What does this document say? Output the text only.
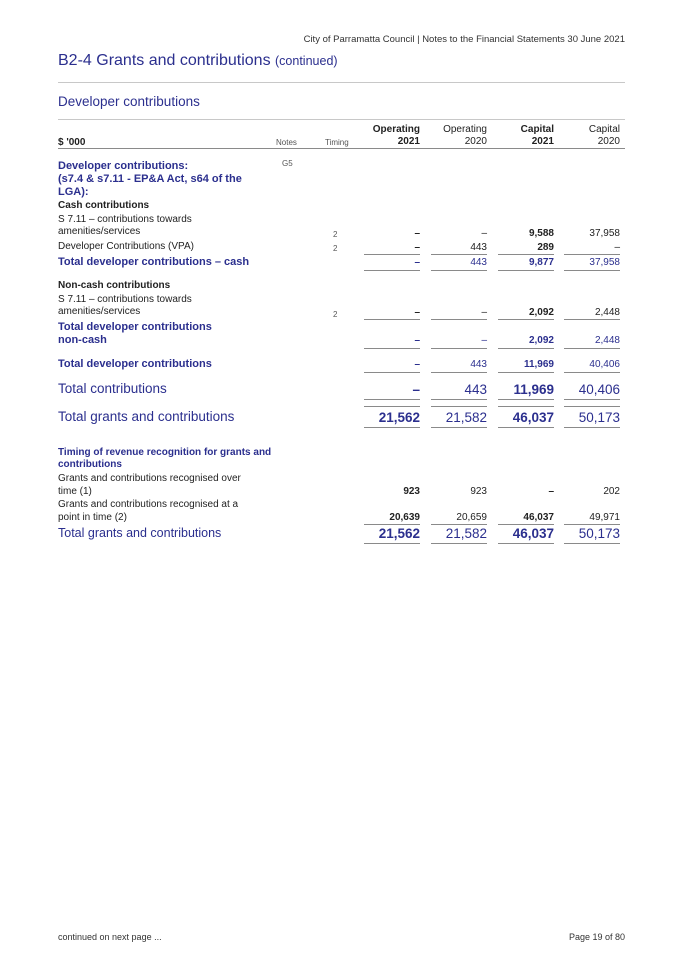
City of Parramatta Council | Notes to the Financial Statements 30 June 2021
B2-4 Grants and contributions (continued)
Developer contributions
$ '000	Notes	Timing
Operating
2021
Operating
2020
Capital
2021
Capital
2020
Developer contributions:
(s7.4 & s7.11 - EP&A Act, s64 of the
LGA):
G5
Cash contributions
S 7.11 – contributions towards
amenities/services	2	–	–	9,588	37,958
Developer Contributions (VPA)	2	–	443	289	–
Total developer contributions – cash	–	443	9,877	37,958
Non-cash contributions
S 7.11 – contributions towards
amenities/services	2	–	–	2,092	2,448
Total developer contributions
non-cash	–	–	2,092	2,448
Total developer contributions	–	443	11,969	40,406
Total contributions	–	443	11,969	40,406
Total grants and contributions	21,562	21,582	46,037	50,173
Timing of revenue recognition for grants and
contributions
Grants and contributions recognised over
time (1)	923	923	–	202
Grants and contributions recognised at a
point in time (2)	20,639	20,659	46,037	49,971
Total grants and contributions	21,562	21,582	46,037	50,173
continued on next page ...	Page 19 of 80
